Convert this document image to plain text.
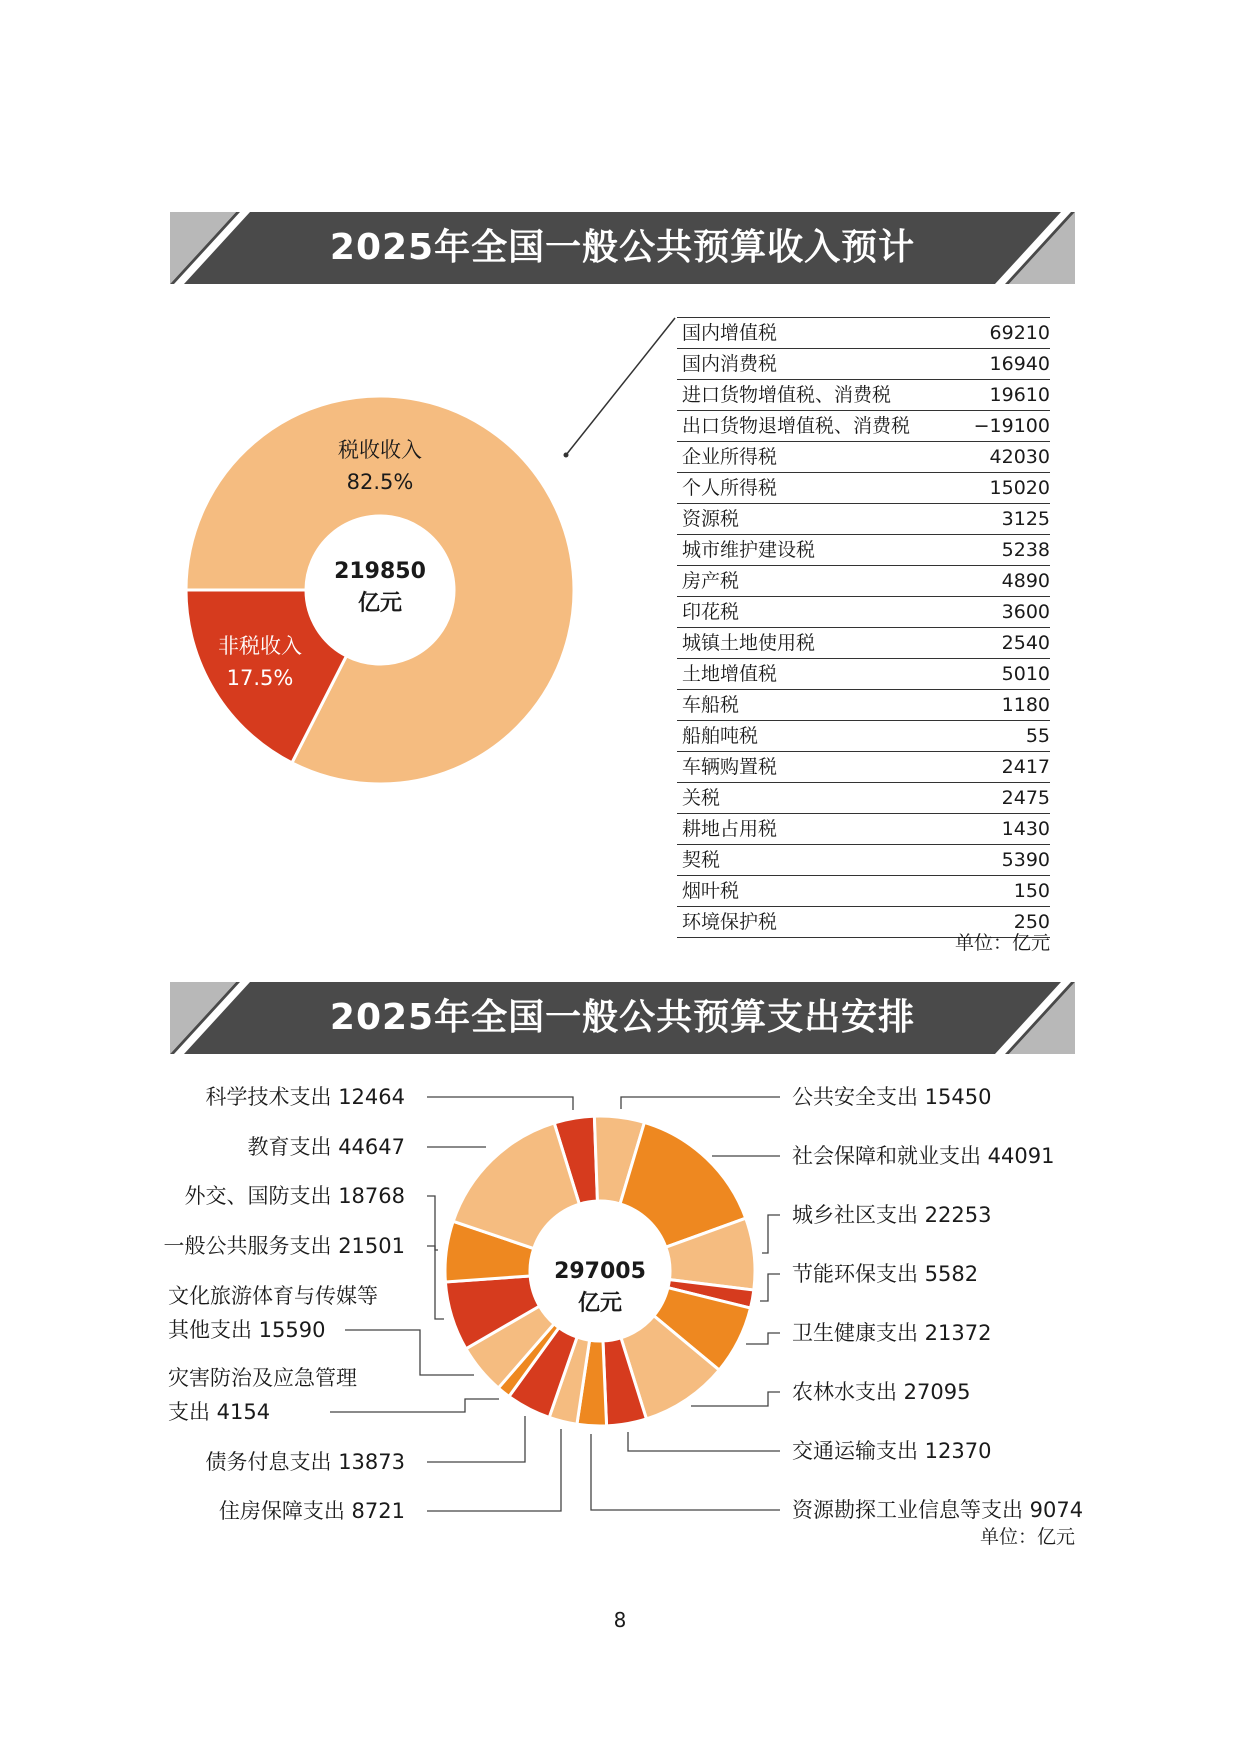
2025年全国一般公共预算收入预计
税收收入
82.5%
非税收入
17.5%
219850
亿元
国内增值税	69210
国内消费税	16940
进口货物增值税、消费税	19610
出口货物退增值税、消费税	−19100
企业所得税	42030
个人所得税	15020
资源税	3125
城市维护建设税	5238
房产税	4890
印花税	3600
城镇土地使用税	2540
土地增值税	5010
车船税	1180
船舶吨税	55
车辆购置税	2417
关税	2475
耕地占用税	1430
契税	5390
烟叶税	150
环境保护税	250
单位：亿元
2025年全国一般公共预算支出安排
297005
亿元
科学技术支出 12464
教育支出 44647
外交、国防支出 18768
一般公共服务支出 21501
文化旅游体育与传媒等
其他支出 15590
灾害防治及应急管理
支出 4154
债务付息支出 13873
住房保障支出 8721
公共安全支出 15450
社会保障和就业支出 44091
城乡社区支出 22253
节能环保支出 5582
卫生健康支出 21372
农林水支出 27095
交通运输支出 12370
资源勘探工业信息等支出 9074
单位：亿元
8
